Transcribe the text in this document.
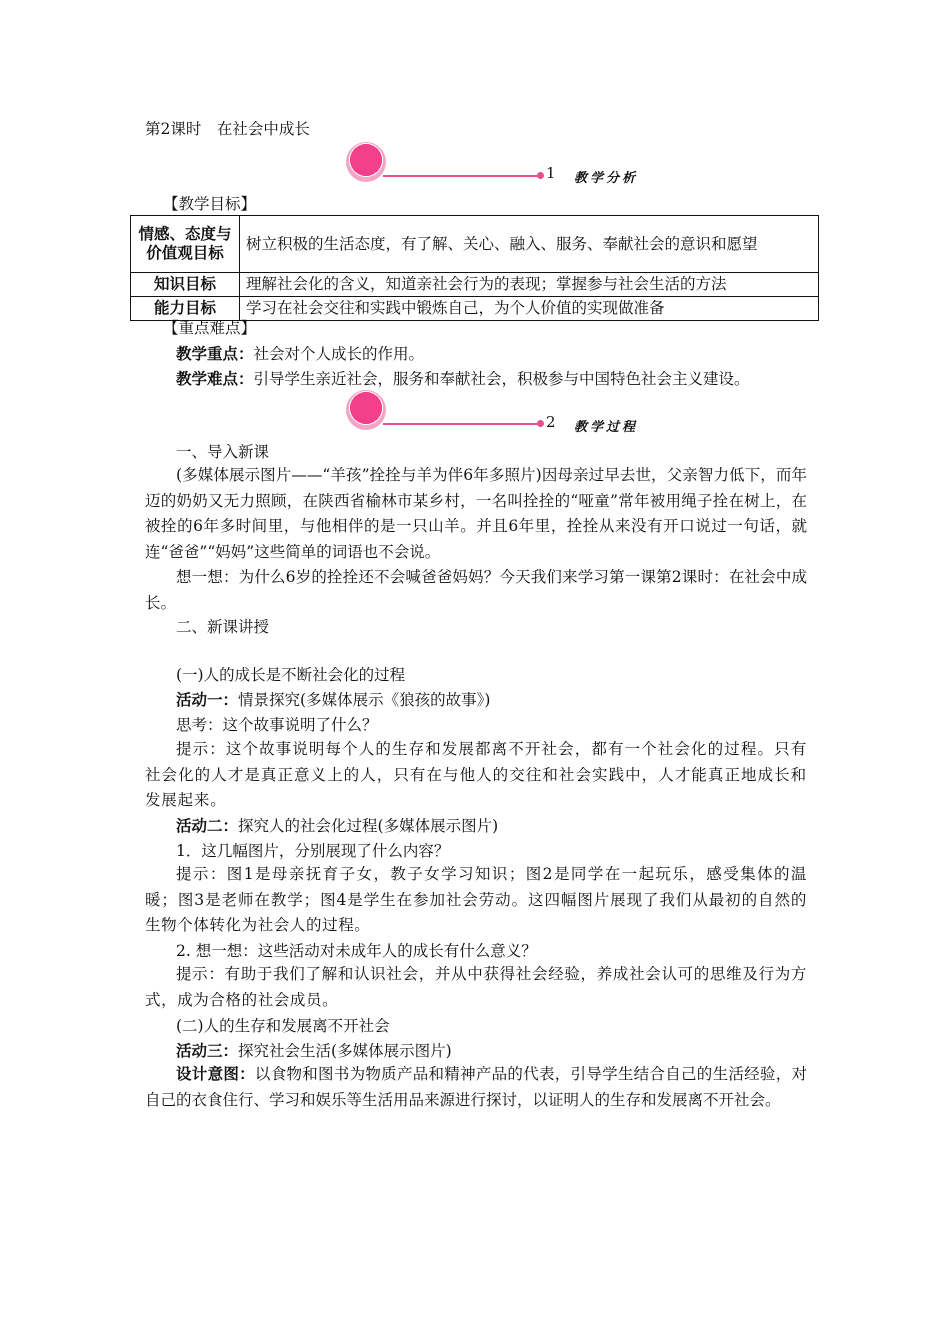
第2课时　在社会中成长
1 教学分析
【教学目标】
情感、态度与价值观目标	树立积极的生活态度，有了解、关心、融入、服务、奉献社会的意识和愿望
知识目标	理解社会化的含义，知道亲社会行为的表现；掌握参与社会生活的方法
能力目标	学习在社会交往和实践中锻炼自己，为个人价值的实现做准备
【重点难点】
教学重点：社会对个人成长的作用。
教学难点：引导学生亲近社会，服务和奉献社会，积极参与中国特色社会主义建设。
2 教学过程
一、导入新课
(多媒体展示图片——“羊孩”拴拴与羊为伴6年多照片)因母亲过早去世，父亲智力低下，而年迈的奶奶又无力照顾，在陕西省榆林市某乡村，一名叫拴拴的“哑童”常年被用绳子拴在树上，在被拴的6年多时间里，与他相伴的是一只山羊。并且6年里，拴拴从来没有开口说过一句话，就连“爸爸”“妈妈”这些简单的词语也不会说。
想一想：为什么6岁的拴拴还不会喊爸爸妈妈？今天我们来学习第一课第2课时：在社会中成长。
二、新课讲授
(一)人的成长是不断社会化的过程
活动一：情景探究(多媒体展示《狼孩的故事》)
思考：这个故事说明了什么？
提示：这个故事说明每个人的生存和发展都离不开社会，都有一个社会化的过程。只有社会化的人才是真正意义上的人，只有在与他人的交往和社会实践中，人才能真正地成长和发展起来。
活动二：探究人的社会化过程(多媒体展示图片)
1．这几幅图片，分别展现了什么内容？
提示：图1是母亲抚育子女，教子女学习知识；图2是同学在一起玩乐，感受集体的温暖；图3是老师在教学；图4是学生在参加社会劳动。这四幅图片展现了我们从最初的自然的生物个体转化为社会人的过程。
2. 想一想：这些活动对未成年人的成长有什么意义？
提示：有助于我们了解和认识社会，并从中获得社会经验，养成社会认可的思维及行为方式，成为合格的社会成员。
(二)人的生存和发展离不开社会
活动三：探究社会生活(多媒体展示图片)
设计意图：以食物和图书为物质产品和精神产品的代表，引导学生结合自己的生活经验，对自己的衣食住行、学习和娱乐等生活用品来源进行探讨，以证明人的生存和发展离不开社会。
